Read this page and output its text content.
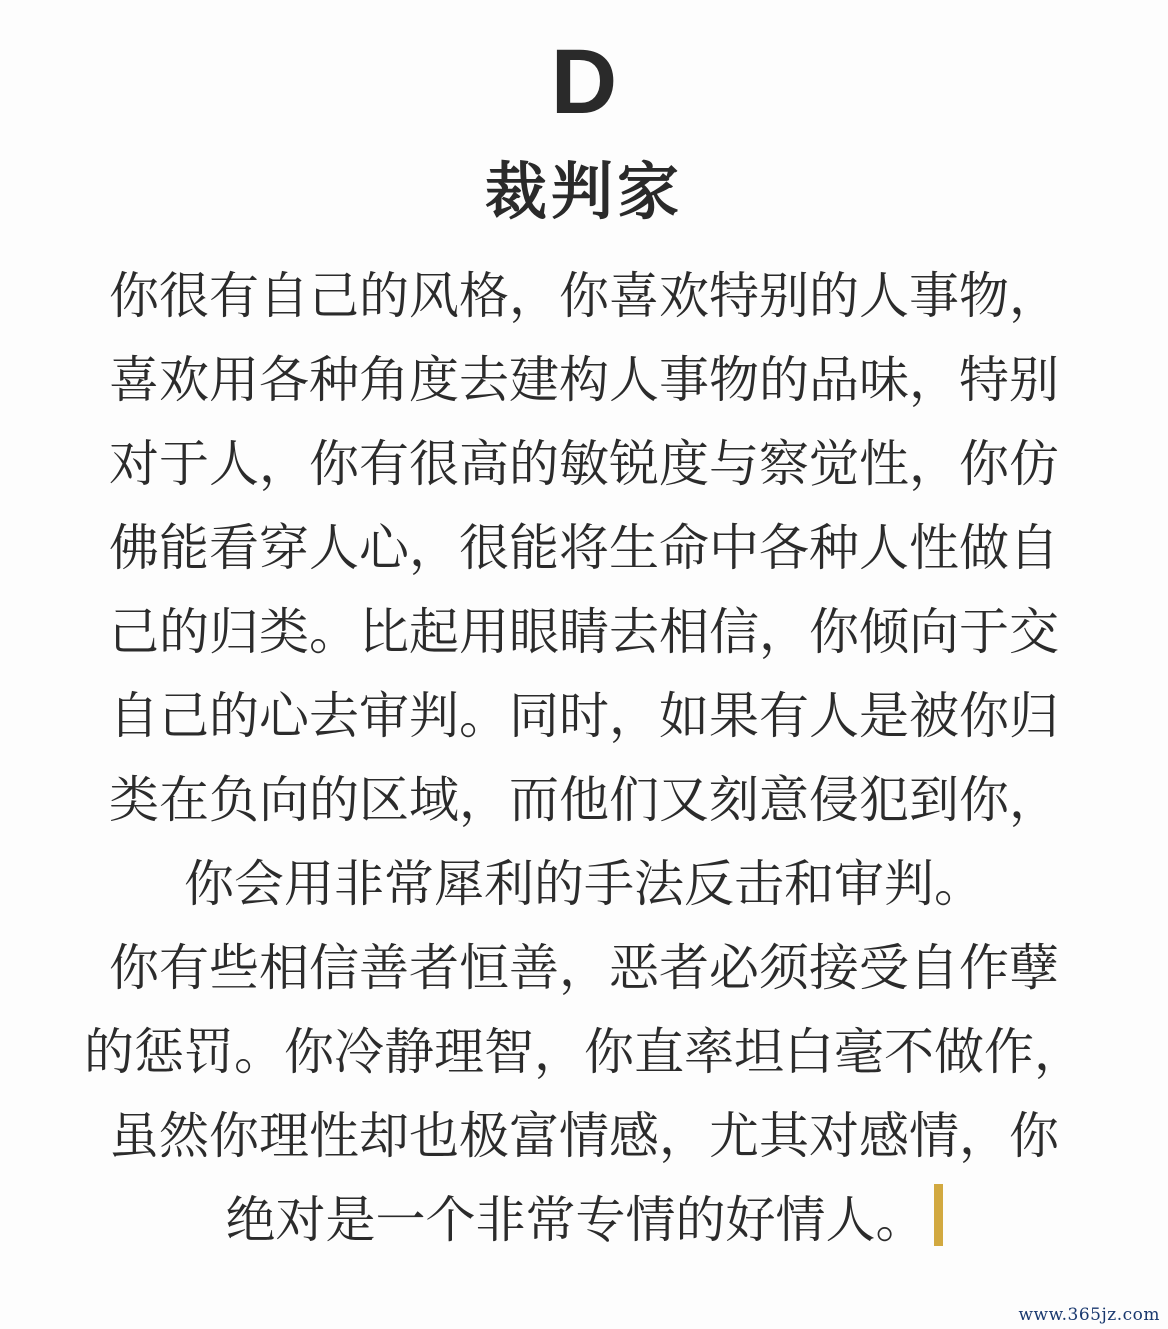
D
裁判家
你很有自己的风格，你喜欢特别的人事物，
喜欢用各种角度去建构人事物的品味，特别
对于人，你有很高的敏锐度与察觉性，你仿
佛能看穿人心，很能将生命中各种人性做自
己的归类。比起用眼睛去相信，你倾向于交
自己的心去审判。同时，如果有人是被你归
类在负向的区域，而他们又刻意侵犯到你，
你会用非常犀利的手法反击和审判。
你有些相信善者恒善，恶者必须接受自作孽
的惩罚。你冷静理智，你直率坦白毫不做作，
虽然你理性却也极富情感，尤其对感情，你
绝对是一个非常专情的好情人。
www.365jz.com
